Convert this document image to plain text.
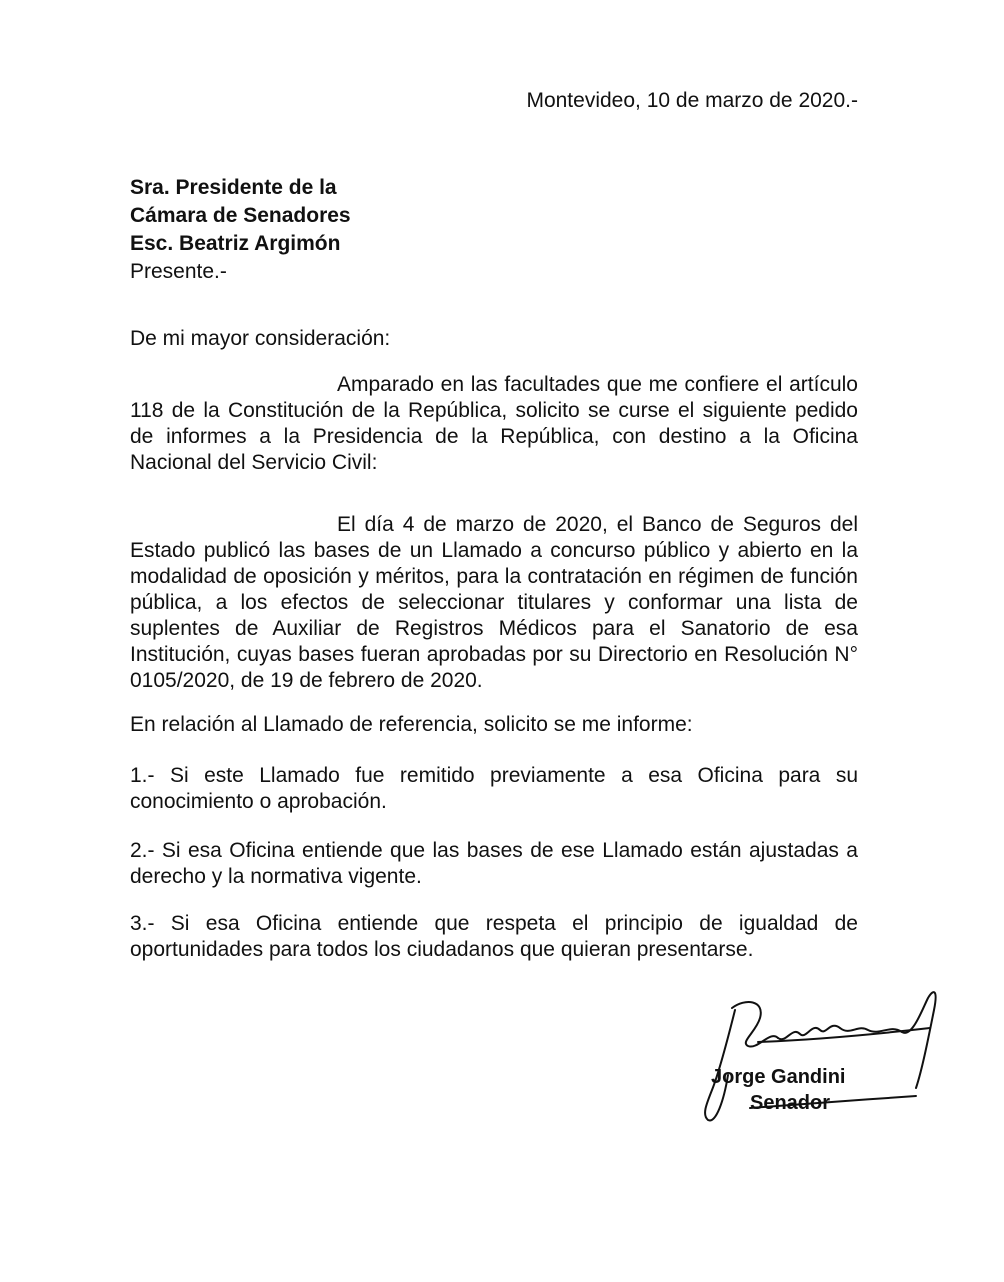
Montevideo, 10 de marzo de 2020.-
Sra. Presidente de la
Cámara de Senadores
Esc. Beatriz Argimón
Presente.-
De mi mayor consideración:

Amparado en las facultades que me confiere el artículo 118 de la Constitución de la República, solicito se curse el siguiente pedido de informes a la Presidencia de la República, con destino a la Oficina Nacional del Servicio Civil:

El día 4 de marzo de 2020, el Banco de Seguros del Estado publicó las bases de un Llamado a concurso público y abierto en la modalidad de oposición y méritos, para la contratación en régimen de función pública, a los efectos de seleccionar titulares y conformar una lista de suplentes de Auxiliar de Registros Médicos para el Sanatorio de esa Institución, cuyas bases fueran aprobadas por su Directorio en Resolución N° 0105/2020, de 19 de febrero de 2020.

En relación al Llamado de referencia, solicito se me informe:

1.- Si este Llamado fue remitido previamente a esa Oficina para su conocimiento o aprobación.

2.- Si esa Oficina entiende que las bases de ese Llamado están ajustadas a derecho y la normativa vigente.

3.- Si esa Oficina entiende que respeta el principio de igualdad de oportunidades para todos los ciudadanos que quieran presentarse.

Jorge Gandini
Senador
